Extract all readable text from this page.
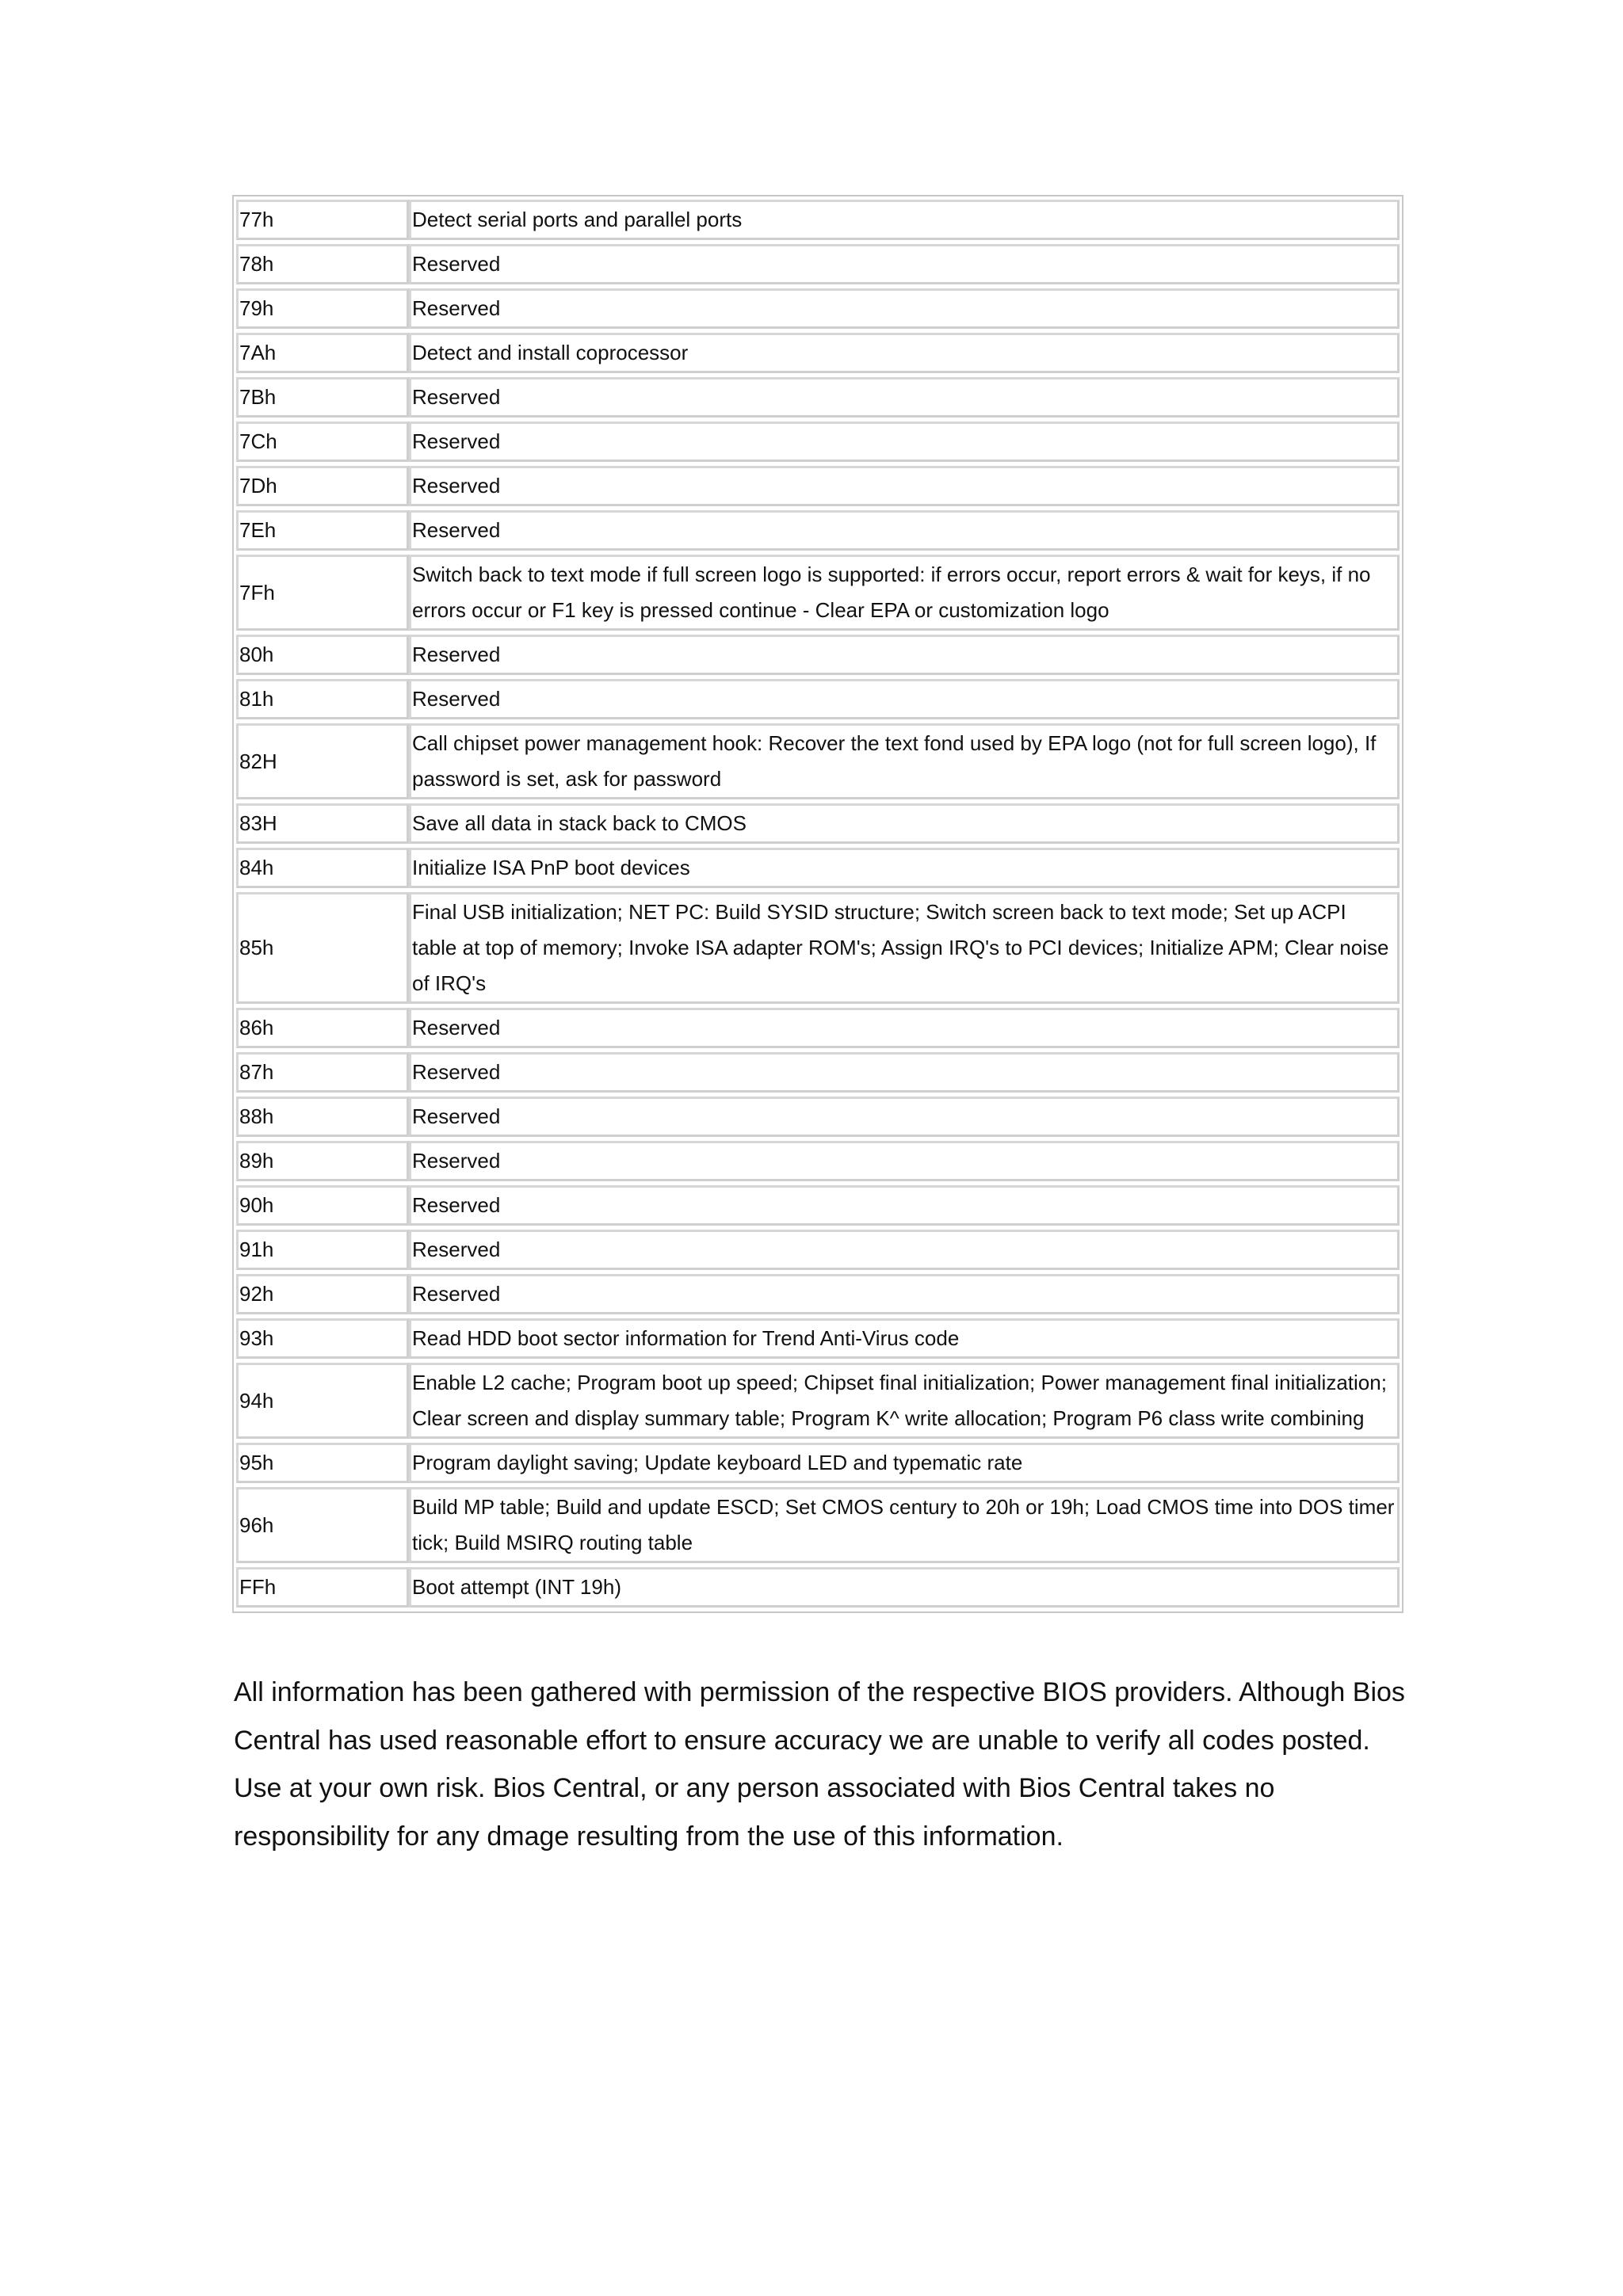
77h	Detect serial ports and parallel ports
78h	Reserved
79h	Reserved
7Ah	Detect and install coprocessor
7Bh	Reserved
7Ch	Reserved
7Dh	Reserved
7Eh	Reserved
7Fh	Switch back to text mode if full screen logo is supported: if errors occur, report errors & wait for keys, if no errors occur or F1 key is pressed continue - Clear EPA or customization logo
80h	Reserved
81h	Reserved
82H	Call chipset power management hook: Recover the text fond used by EPA logo (not for full screen logo), If password is set, ask for password
83H	Save all data in stack back to CMOS
84h	Initialize ISA PnP boot devices
85h	Final USB initialization; NET PC: Build SYSID structure; Switch screen back to text mode; Set up ACPI table at top of memory; Invoke ISA adapter ROM's; Assign IRQ's to PCI devices; Initialize APM; Clear noise of IRQ's
86h	Reserved
87h	Reserved
88h	Reserved
89h	Reserved
90h	Reserved
91h	Reserved
92h	Reserved
93h	Read HDD boot sector information for Trend Anti-Virus code
94h	Enable L2 cache; Program boot up speed; Chipset final initialization; Power management final initialization; Clear screen and display summary table; Program K^ write allocation; Program P6 class write combining
95h	Program daylight saving; Update keyboard LED and typematic rate
96h	Build MP table; Build and update ESCD; Set CMOS century to 20h or 19h; Load CMOS time into DOS timer tick; Build MSIRQ routing table
FFh	Boot attempt (INT 19h)

All information has been gathered with permission of the respective BIOS providers. Although Bios Central has used reasonable effort to ensure accuracy we are unable to verify all codes posted. Use at your own risk. Bios Central, or any person associated with Bios Central takes no responsibility for any dmage resulting from the use of this information.
